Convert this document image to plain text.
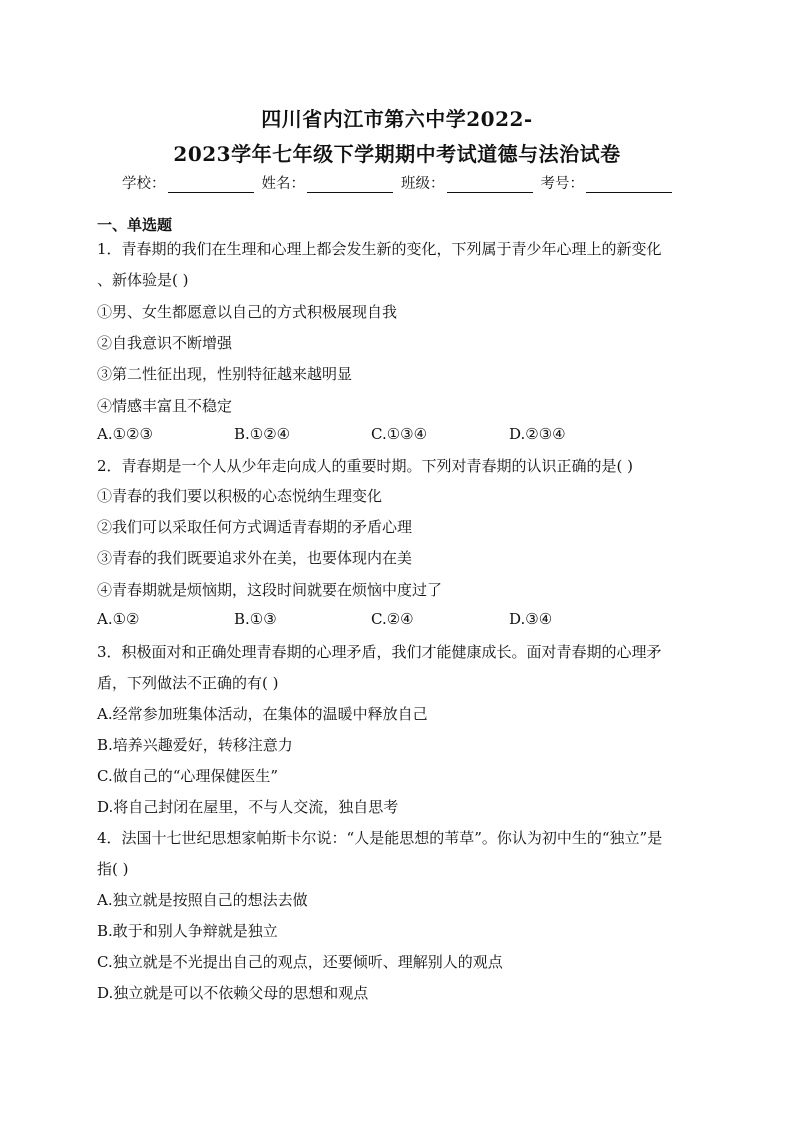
四川省内江市第六中学2022-
2023学年七年级下学期期中考试道德与法治试卷
学校：	姓名：	班级：	考号：
一、单选题
1．青春期的我们在生理和心理上都会发生新的变化，下列属于青少年心理上的新变化
、新体验是( )
①男、女生都愿意以自己的方式积极展现自我
②自我意识不断增强
③第二性征出现，性别特征越来越明显
④情感丰富且不稳定
A.①②③	B.①②④	C.①③④	D.②③④
2．青春期是一个人从少年走向成人的重要时期。下列对青春期的认识正确的是( )
①青春的我们要以积极的心态悦纳生理变化
②我们可以采取任何方式调适青春期的矛盾心理
③青春的我们既要追求外在美，也要体现内在美
④青春期就是烦恼期，这段时间就要在烦恼中度过了
A.①②	B.①③	C.②④	D.③④
3．积极面对和正确处理青春期的心理矛盾，我们才能健康成长。面对青春期的心理矛
盾，下列做法不正确的有( )
A.经常参加班集体活动，在集体的温暖中释放自己
B.培养兴趣爱好，转移注意力
C.做自己的“心理保健医生”
D.将自己封闭在屋里，不与人交流，独自思考
4．法国十七世纪思想家帕斯卡尔说：“人是能思想的苇草”。你认为初中生的“独立”是
指( )
A.独立就是按照自己的想法去做
B.敢于和别人争辩就是独立
C.独立就是不光提出自己的观点，还要倾听、理解别人的观点
D.独立就是可以不依赖父母的思想和观点
